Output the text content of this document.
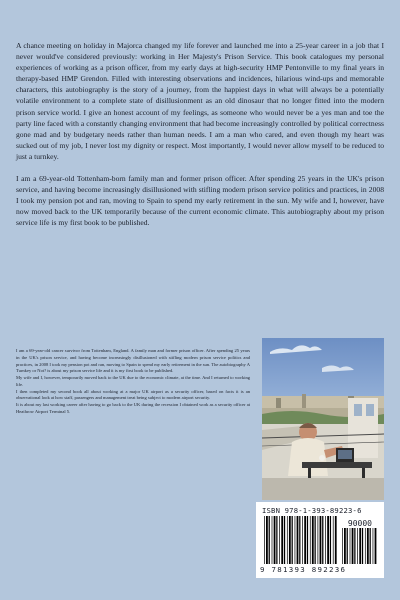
A chance meeting on holiday in Majorca changed my life forever and launched me into a 25-year career in a job that I never would've considered previously: working in Her Majesty's Prison Service. This book catalogues my personal experiences of working as a prison officer, from my early days at high-security HMP Pentonville to my final years in therapy-based HMP Grendon. Filled with interesting observations and incidences, hilarious wind-ups and memorable characters, this autobiography is the story of a journey, from the happiest days in what will always be a potentially volatile environment to a complete state of disillusionment as an old dinosaur that no longer fitted into the modern prison service world. I give an honest account of my feelings, as someone who would never be a yes man and toe the party line faced with a constantly changing environment that had become increasingly controlled by political correctness gone mad and by budgetary needs rather than human needs. I am a man who cared, and even though my heart was sucked out of my job, I never lost my dignity or respect. Most importantly, I would never allow myself to be reduced to just a turnkey.

I am a 69-year-old Tottenham-born family man and former prison officer. After spending 25 years in the UK's prison service, and having become increasingly disillusioned with stifling modern prison service politics and practices, in 2008 I took my pension pot and ran, moving to Spain to spend my early retirement in the sun. My wife and I, however, have now moved back to the UK temporarily because of the current economic climate. This autobiography about my prison service life is my first book to be published.

I am a 69-year-old cancer survivor from Tottenham, England. A family man and former prison officer. After spending 25 years in the UK's prison service, and having become increasingly disillusioned with stifling modern prison service politics and practices, in 2008 I took my pension pot and ran, moving to Spain to spend my early retirement in the sun. The autobiography A Turnkey or Not? is about my prison service life and it is my first book to be published.

My wife and I, however, temporarily moved back to the UK due to the economic climate, at the time. And I returned to working life.

I then completed my second book all about working at a major UK airport as a security officer, based on facts it is an observational look at how staff, passengers and management treat being subject to modern airport security.

It is about my last working career after having to go back to the UK during the recession I obtained work as a security officer at Heathrow Airport Terminal 5.

ISBN 978-1-393-89223-6
90000
9 781393 892236
